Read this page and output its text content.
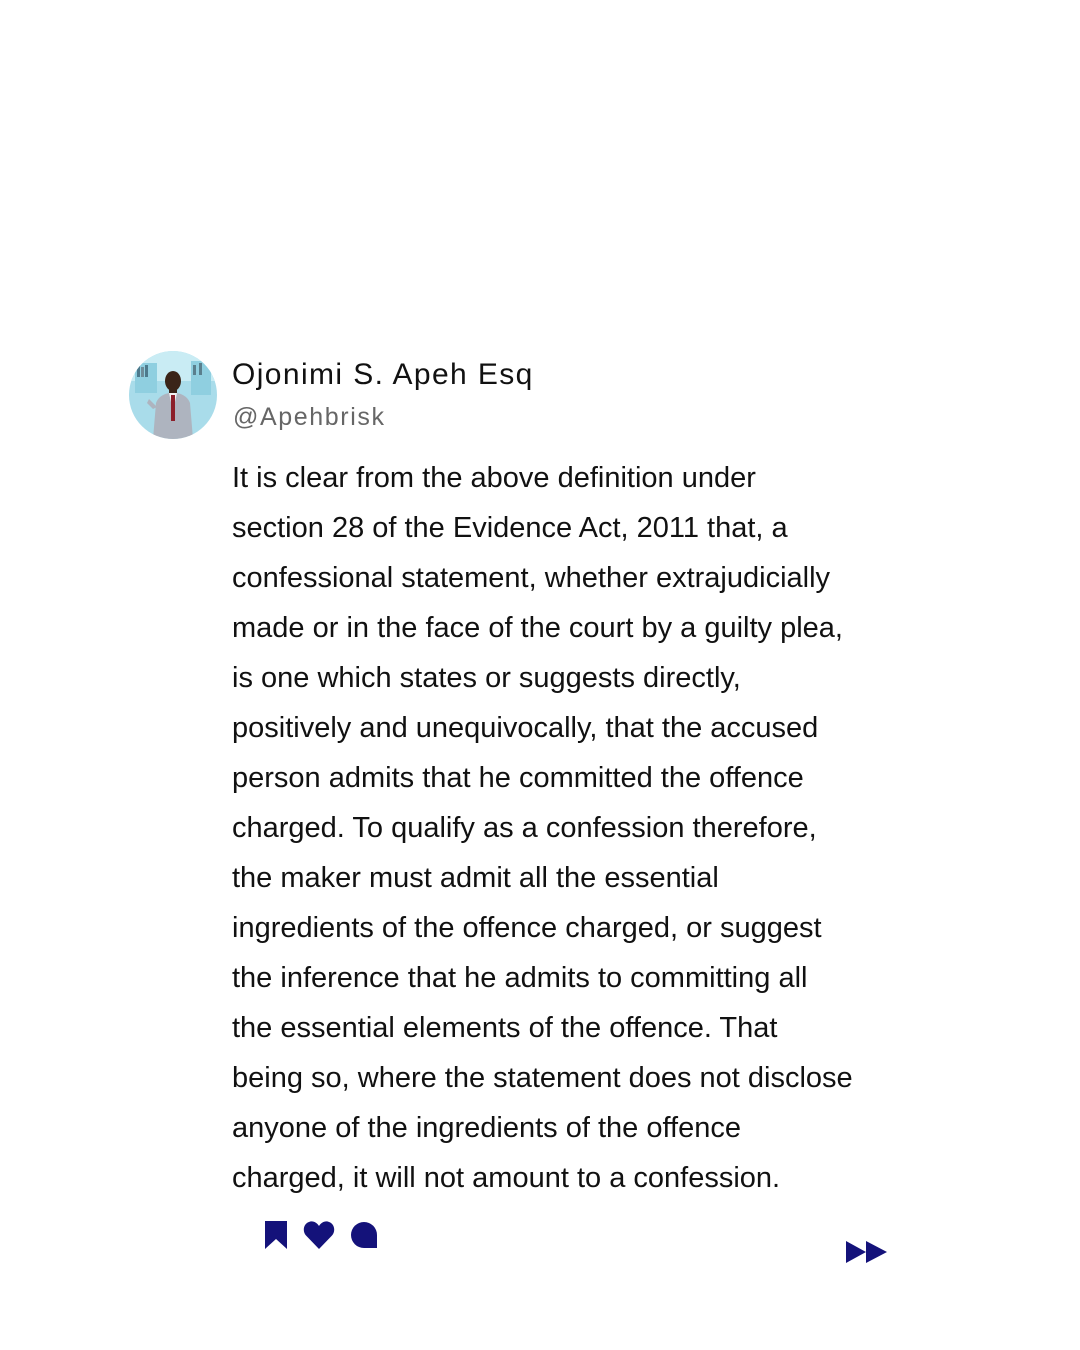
Ojonimi S. Apeh Esq
@Apehbrisk
It is clear from the above definition under
section 28 of the Evidence Act, 2011 that, a
confessional statement, whether extrajudicially
made or in the face of the court by a guilty plea,
is one which states or suggests directly,
positively and unequivocally, that the accused
person admits that he committed the offence
charged. To qualify as a confession therefore,
the maker must admit all the essential
ingredients of the offence charged, or suggest
the inference that he admits to committing all
the essential elements of the offence. That
being so, where the statement does not disclose
anyone of the ingredients of the offence
charged, it will not amount to a confession.
